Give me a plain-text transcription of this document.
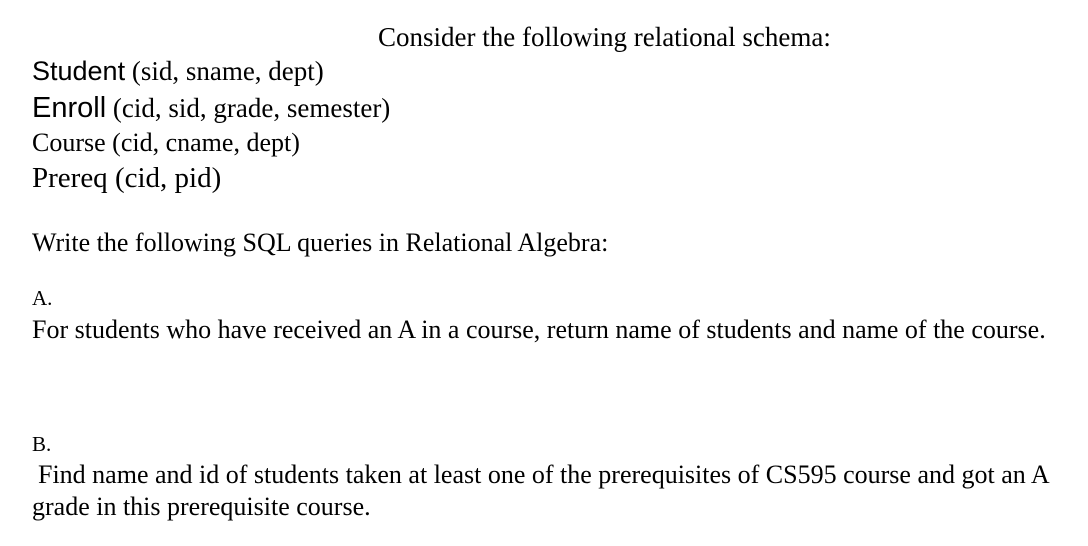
Consider the following relational schema:
Student (sid, sname, dept)
Enroll (cid, sid, grade, semester)
Course (cid, cname, dept)
Prereq (cid, pid)
Write the following SQL queries in Relational Algebra:
A.
For students who have received an A in a course, return name of students and name of the course.
B.
Find name and id of students taken at least one of the prerequisites of CS595 course and got an A grade in this prerequisite course.
